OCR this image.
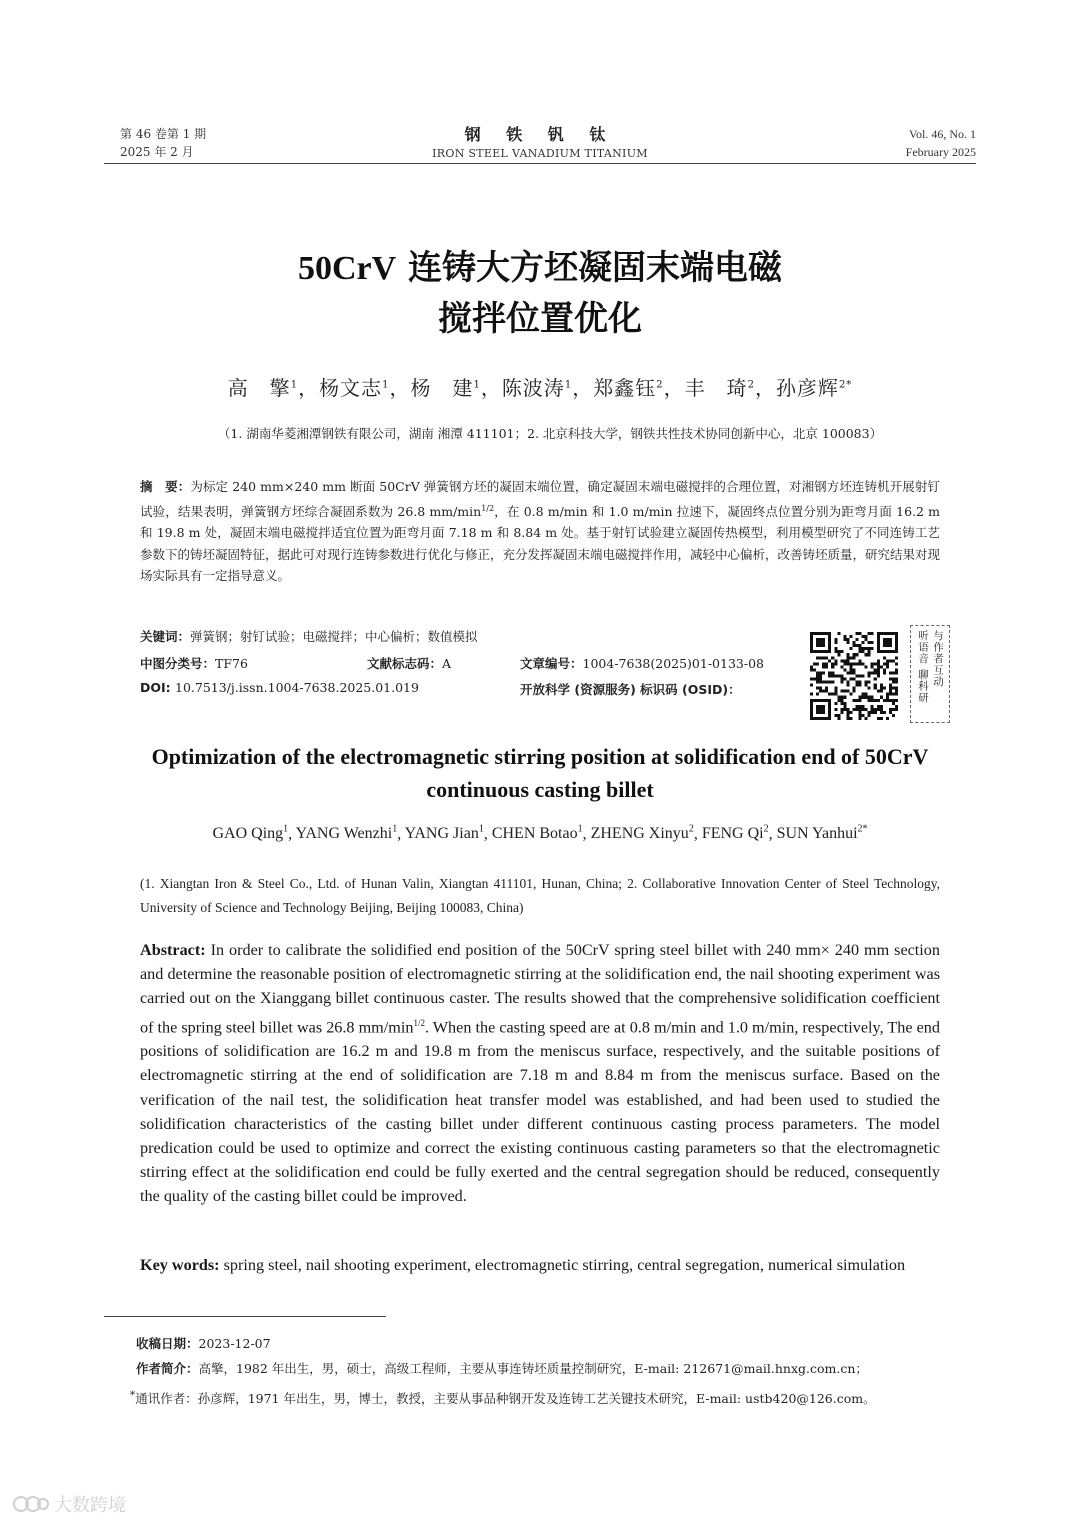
第 46 卷第 1 期
2025 年 2 月
钢 铁 钒 钛
IRON STEEL VANADIUM TITANIUM
Vol. 46, No. 1
February 2025
50CrV 连铸大方坯凝固末端电磁
搅拌位置优化
高　擎$^1$，杨文志$^1$，杨　建$^1$，陈波涛$^1$，郑鑫钰$^2$，丰　琦$^2$，孙彦辉$^{2*}$
（1. 湖南华菱湘潭钢铁有限公司，湖南 湘潭 411101；2. 北京科技大学，钢铁共性技术协同创新中心，北京 100083）
摘　要：为标定 240 mm×240 mm 断面 50CrV 弹簧钢方坯的凝固末端位置，确定凝固末端电磁搅拌的合理位置，对湘钢方坯连铸机开展射钉试验，结果表明，弹簧钢方坯综合凝固系数为 26.8 $mm/\min^{1/2}$，在 0.8 m/min 和 1.0 m/min 拉速下，凝固终点位置分别为距弯月面 16.2 m 和 19.8 m 处，凝固末端电磁搅拌适宜位置为距弯月面 7.18 m 和 8.84 m 处。基于射钉试验建立凝固传热模型，利用模型研究了不同连铸工艺参数下的铸坯凝固特征，据此可对现行连铸参数进行优化与修正，充分发挥凝固末端电磁搅拌作用，减轻中心偏析，改善铸坯质量，研究结果对现场实际具有一定指导意义。
关键词：弹簧钢；射钉试验；电磁搅拌；中心偏析；数值模拟
中图分类号：TF76	文献标志码：A	文章编号：1004-7638(2025)01-0133-08
DOI: 10.7513/j.issn.1004-7638.2025.01.019	开放科学 (资源服务) 标识码 (OSID)：	听语音 聊科研 与作者互动
Optimization of the electromagnetic stirring position at solidification end of 50CrV continuous casting billet
GAO Qing$^1$, YANG Wenzhi$^1$, YANG Jian$^1$, CHEN Botao$^1$, ZHENG Xinyu$^2$, FENG Qi$^2$, SUN Yanhui$^{2*}$
(1. Xiangtan Iron & Steel Co., Ltd. of Hunan Valin, Xiangtan 411101, Hunan, China; 2. Collaborative Innovation Center of Steel Technology, University of Science and Technology Beijing, Beijing 100083, China)
Abstract: In order to calibrate the solidified end position of the 50CrV spring steel billet with 240 mm× 240 mm section and determine the reasonable position of electromagnetic stirring at the solidification end, the nail shooting experiment was carried out on the Xianggang billet continuous caster. The results showed that the comprehensive solidification coefficient of the spring steel billet was 26.8 $mm/\min^{1/2}$. When the casting speed are at 0.8 m/min and 1.0 m/min, respectively, The end positions of solidification are 16.2 m and 19.8 m from the meniscus surface, respectively, and the suitable positions of electromagnetic stirring at the end of solidification are 7.18 m and 8.84 m from the meniscus surface. Based on the verification of the nail test, the solidification heat transfer model was established, and had been used to studied the solidification characteristics of the casting billet under different continuous casting process parameters. The model predication could be used to optimize and correct the existing continuous casting parameters so that the electromagnetic stirring effect at the solidification end could be fully exerted and the central segregation should be reduced, consequently the quality of the casting billet could be improved.
Key words: spring steel, nail shooting experiment, electromagnetic stirring, central segregation, numerical simulation
收稿日期：2023-12-07
作者简介：高擎，1982 年出生，男，硕士，高级工程师，主要从事连铸坯质量控制研究，E-mail: 212671@mail.hnxg.com.cn；
*通讯作者：孙彦辉，1971 年出生，男，博士，教授，主要从事品种钢开发及连铸工艺关键技术研究，E-mail: ustb420@126.com。
大数跨境
